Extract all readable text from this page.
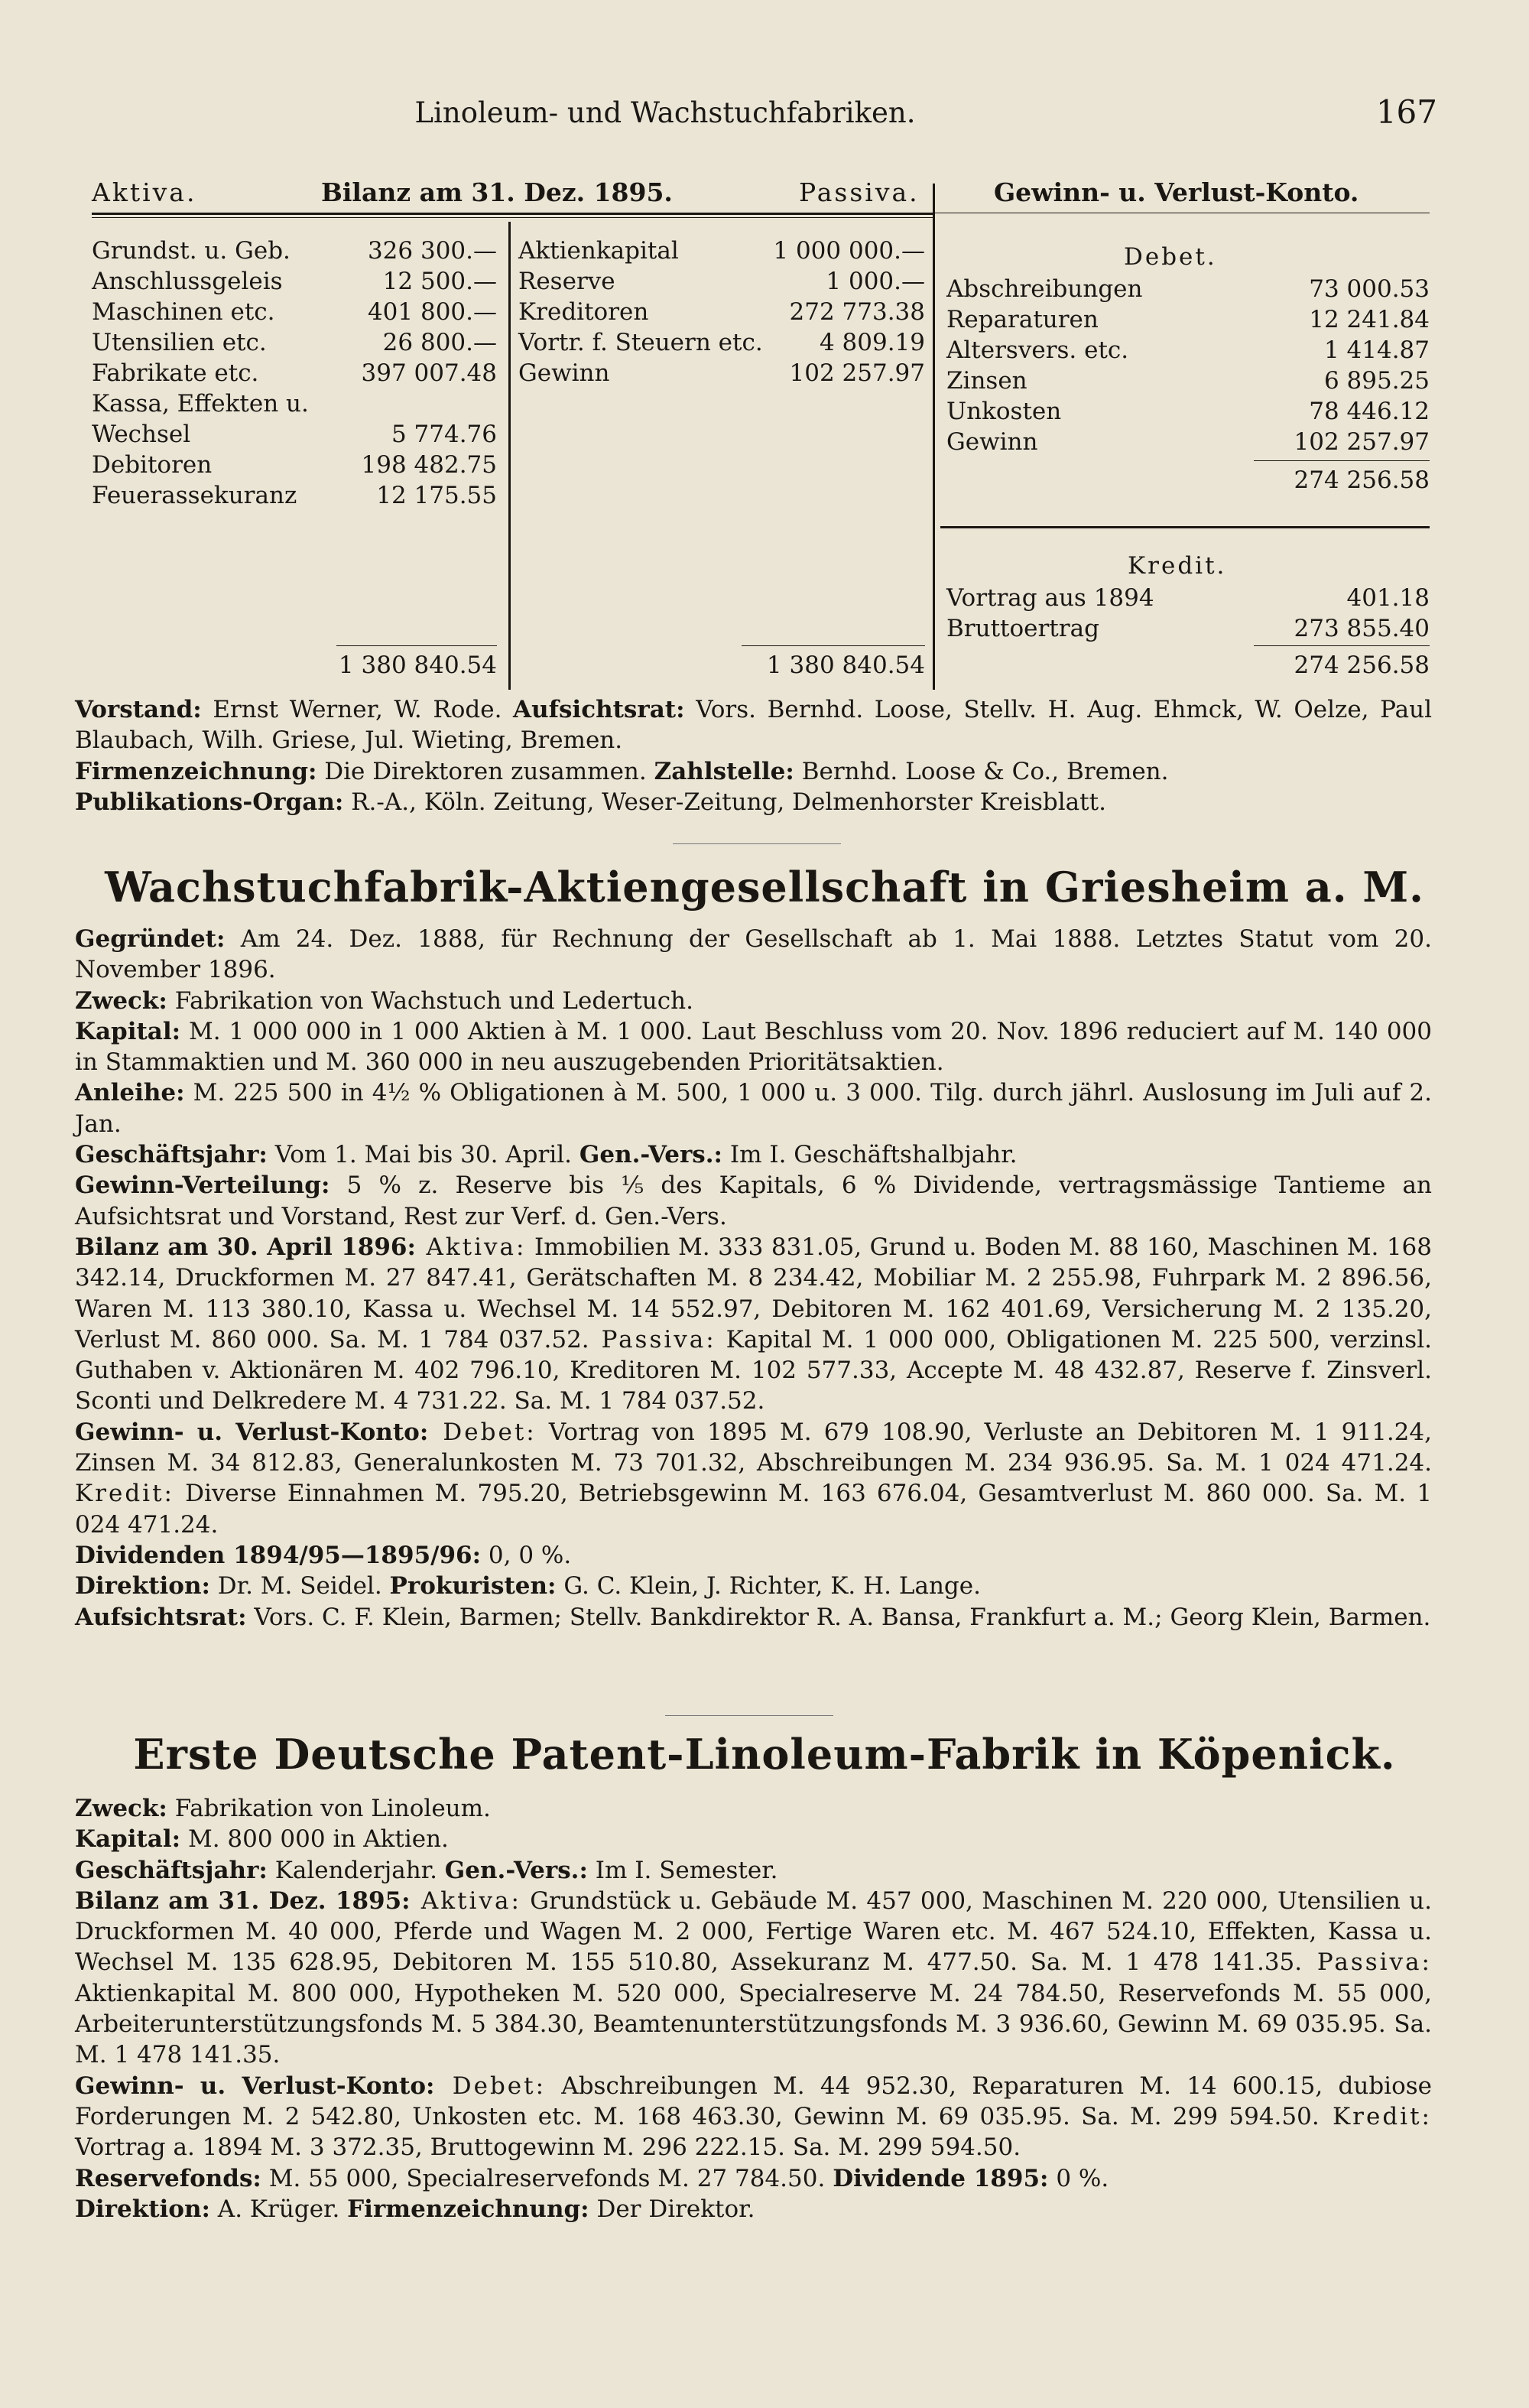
Linoleum- und Wachstuchfabriken.	167
Aktiva.	Bilanz am 31. Dez. 1895.	Passiva.	Gewinn- u. Verlust-Konto.
Grundst. u. Geb.	326 300.—
Anschlussgeleis	12 500.—
Maschinen etc.	401 800.—
Utensilien etc.	26 800.—
Fabrikate etc.	397 007.48
Kassa, Effekten u.
Wechsel	5 774.76
Debitoren	198 482.75
Feuerassekuranz	12 175.55
1 380 840.54
Aktienkapital	1 000 000.—
Reserve	1 000.—
Kreditoren	272 773.38
Vortr. f. Steuern etc.	4 809.19
Gewinn	102 257.97
1 380 840.54
Debet.
Abschreibungen	73 000.53
Reparaturen	12 241.84
Altersvers. etc.	1 414.87
Zinsen	6 895.25
Unkosten	78 446.12
Gewinn	102 257.97
274 256.58
Kredit.
Vortrag aus 1894	401.18
Bruttoertrag	273 855.40
274 256.58

Vorstand: Ernst Werner, W. Rode. Aufsichtsrat: Vors. Bernhd. Loose, Stellv. H. Aug. Ehmck, W. Oelze, Paul Blaubach, Wilh. Griese, Jul. Wieting, Bremen.

Firmenzeichnung: Die Direktoren zusammen. Zahlstelle: Bernhd. Loose & Co., Bremen.

Publikations-Organ: R.-A., Köln. Zeitung, Weser-Zeitung, Delmenhorster Kreisblatt.

Wachstuchfabrik-Aktiengesellschaft in Griesheim a. M.

Gegründet: Am 24. Dez. 1888, für Rechnung der Gesellschaft ab 1. Mai 1888. Letztes Statut vom 20. November 1896.

Zweck: Fabrikation von Wachstuch und Ledertuch.

Kapital: M. 1 000 000 in 1 000 Aktien à M. 1 000. Laut Beschluss vom 20. Nov. 1896 reduciert auf M. 140 000 in Stammaktien und M. 360 000 in neu auszugebenden Prioritätsaktien.

Anleihe: M. 225 500 in 4½ % Obligationen à M. 500, 1 000 u. 3 000. Tilg. durch jährl. Auslosung im Juli auf 2. Jan.

Geschäftsjahr: Vom 1. Mai bis 30. April. Gen.-Vers.: Im I. Geschäftshalbjahr.

Gewinn-Verteilung: 5 % z. Reserve bis ⅕ des Kapitals, 6 % Dividende, vertragsmässige Tantieme an Aufsichtsrat und Vorstand, Rest zur Verf. d. Gen.-Vers.

Bilanz am 30. April 1896: Aktiva: Immobilien M. 333 831.05, Grund u. Boden M. 88 160, Maschinen M. 168 342.14, Druckformen M. 27 847.41, Gerätschaften M. 8 234.42, Mobiliar M. 2 255.98, Fuhrpark M. 2 896.56, Waren M. 113 380.10, Kassa u. Wechsel M. 14 552.97, Debitoren M. 162 401.69, Versicherung M. 2 135.20, Verlust M. 860 000. Sa. M. 1 784 037.52. Passiva: Kapital M. 1 000 000, Obligationen M. 225 500, verzinsl. Guthaben v. Aktionären M. 402 796.10, Kreditoren M. 102 577.33, Accepte M. 48 432.87, Reserve f. Zinsverl. Sconti und Delkredere M. 4 731.22. Sa. M. 1 784 037.52.

Gewinn- u. Verlust-Konto: Debet: Vortrag von 1895 M. 679 108.90, Verluste an Debitoren M. 1 911.24, Zinsen M. 34 812.83, Generalunkosten M. 73 701.32, Abschreibungen M. 234 936.95. Sa. M. 1 024 471.24. Kredit: Diverse Einnahmen M. 795.20, Betriebsgewinn M. 163 676.04, Gesamtverlust M. 860 000. Sa. M. 1 024 471.24.

Dividenden 1894/95—1895/96: 0, 0 %.

Direktion: Dr. M. Seidel. Prokuristen: G. C. Klein, J. Richter, K. H. Lange.

Aufsichtsrat: Vors. C. F. Klein, Barmen; Stellv. Bankdirektor R. A. Bansa, Frankfurt a. M.; Georg Klein, Barmen.

Erste Deutsche Patent-Linoleum-Fabrik in Köpenick.

Zweck: Fabrikation von Linoleum.

Kapital: M. 800 000 in Aktien.

Geschäftsjahr: Kalenderjahr. Gen.-Vers.: Im I. Semester.

Bilanz am 31. Dez. 1895: Aktiva: Grundstück u. Gebäude M. 457 000, Maschinen M. 220 000, Utensilien u. Druckformen M. 40 000, Pferde und Wagen M. 2 000, Fertige Waren etc. M. 467 524.10, Effekten, Kassa u. Wechsel M. 135 628.95, Debitoren M. 155 510.80, Assekuranz M. 477.50. Sa. M. 1 478 141.35. Passiva: Aktienkapital M. 800 000, Hypotheken M. 520 000, Specialreserve M. 24 784.50, Reservefonds M. 55 000, Arbeiterunterstützungsfonds M. 5 384.30, Beamtenunterstützungsfonds M. 3 936.60, Gewinn M. 69 035.95. Sa. M. 1 478 141.35.

Gewinn- u. Verlust-Konto: Debet: Abschreibungen M. 44 952.30, Reparaturen M. 14 600.15, dubiose Forderungen M. 2 542.80, Unkosten etc. M. 168 463.30, Gewinn M. 69 035.95. Sa. M. 299 594.50. Kredit: Vortrag a. 1894 M. 3 372.35, Bruttogewinn M. 296 222.15. Sa. M. 299 594.50.

Reservefonds: M. 55 000, Specialreservefonds M. 27 784.50. Dividende 1895: 0 %.

Direktion: A. Krüger. Firmenzeichnung: Der Direktor.
